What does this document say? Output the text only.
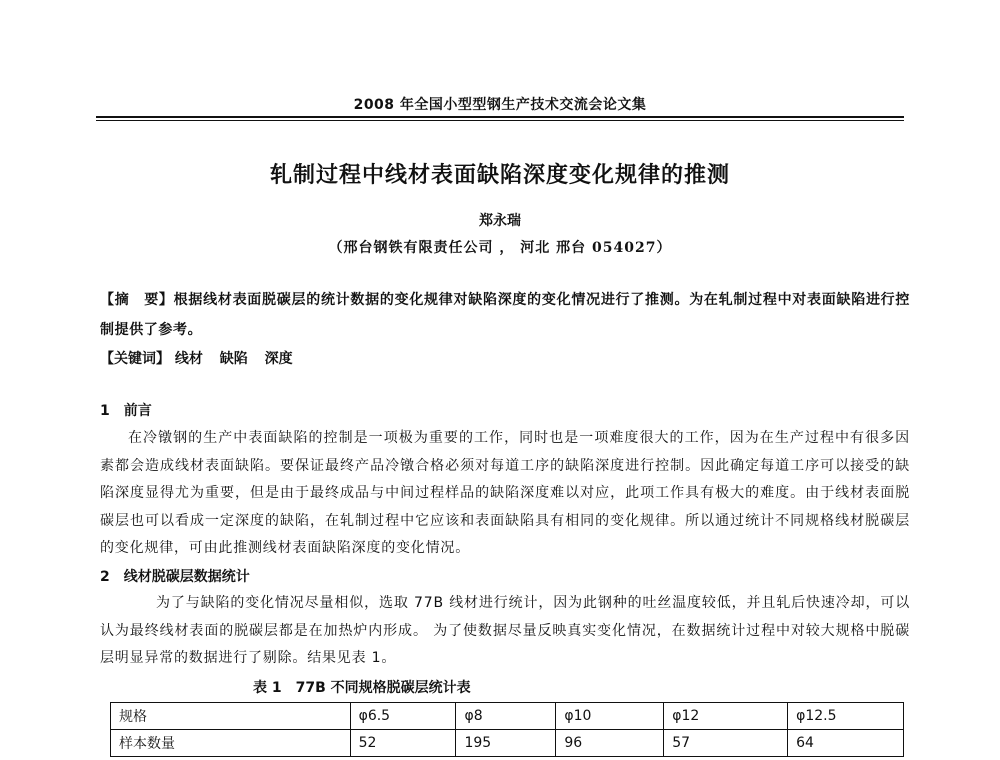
2008 年全国小型型钢生产技术交流会论文集
轧制过程中线材表面缺陷深度变化规律的推测
郑永瑞
（邢台钢铁有限责任公司 ， 河北 邢台 054027）
【摘　要】根据线材表面脱碳层的统计数据的变化规律对缺陷深度的变化情况进行了推测。为在轧制过程中对表面缺陷进行控制提供了参考。
【关键词】 线材 缺陷 深度
1 前言
在冷镦钢的生产中表面缺陷的控制是一项极为重要的工作，同时也是一项难度很大的工作，因为在生产过程中有很多因素都会造成线材表面缺陷。要保证最终产品冷镦合格必须对每道工序的缺陷深度进行控制。因此确定每道工序可以接受的缺陷深度显得尤为重要，但是由于最终成品与中间过程样品的缺陷深度难以对应，此项工作具有极大的难度。由于线材表面脱碳层也可以看成一定深度的缺陷，在轧制过程中它应该和表面缺陷具有相同的变化规律。所以通过统计不同规格线材脱碳层的变化规律，可由此推测线材表面缺陷深度的变化情况。
2 线材脱碳层数据统计
为了与缺陷的变化情况尽量相似，选取 77B 线材进行统计，因为此钢种的吐丝温度较低，并且轧后快速冷却，可以认为最终线材表面的脱碳层都是在加热炉内形成。 为了使数据尽量反映真实变化情况，在数据统计过程中对较大规格中脱碳层明显异常的数据进行了剔除。结果见表 1。
表 1 77B 不同规格脱碳层统计表
规格	φ6.5	φ8	φ10	φ12	φ12.5
样本数量	52	195	96	57	64
